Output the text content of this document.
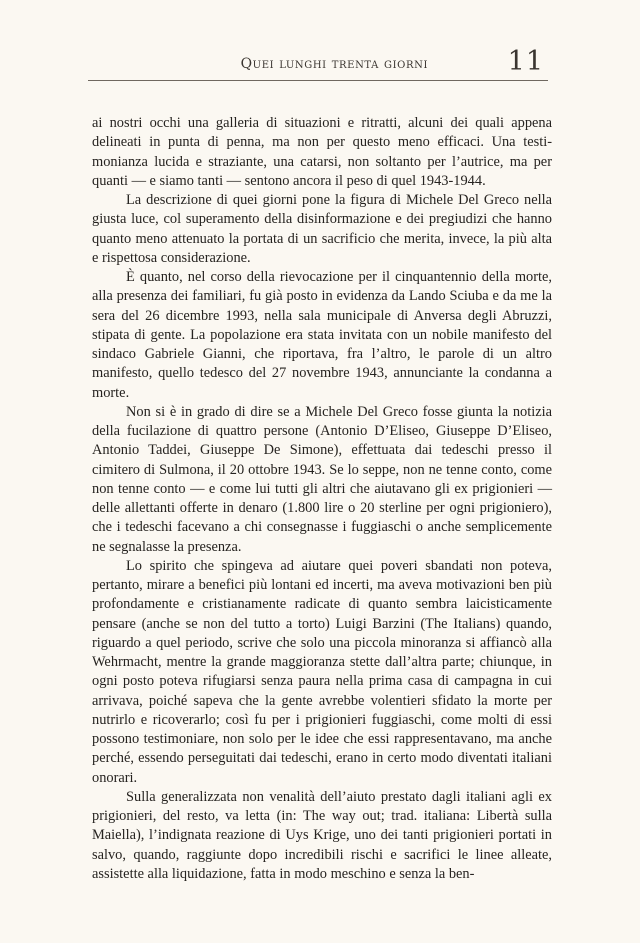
Quei lunghi trenta giorni	11

ai nostri occhi una galleria di situazioni e ritratti, alcuni dei quali appena delineati in punta di penna, ma non per questo meno efficaci. Una testimonianza lucida e straziante, una catarsi, non soltanto per l’autrice, ma per quanti — e siamo tanti — sentono ancora il peso di quel 1943-1944.

La descrizione di quei giorni pone la figura di Michele Del Greco nella giusta luce, col superamento della disinformazione e dei pregiudizi che hanno quanto meno attenuato la portata di un sacrificio che merita, invece, la più alta e rispettosa considerazione.

È quanto, nel corso della rievocazione per il cinquantennio della morte, alla presenza dei familiari, fu già posto in evidenza da Lando Sciuba e da me la sera del 26 dicembre 1993, nella sala municipale di Anversa degli Abruzzi, stipata di gente. La popolazione era stata invitata con un nobile manifesto del sindaco Gabriele Gianni, che riportava, fra l’altro, le parole di un altro manifesto, quello tedesco del 27 novembre 1943, annunciante la condanna a morte.

Non si è in grado di dire se a Michele Del Greco fosse giunta la notizia della fucilazione di quattro persone (Antonio D’Eliseo, Giuseppe D’Eliseo, Antonio Taddei, Giuseppe De Simone), effettuata dai tedeschi presso il cimitero di Sulmona, il 20 ottobre 1943. Se lo seppe, non ne tenne conto, come non tenne conto — e come lui tutti gli altri che aiutavano gli ex prigionieri — delle allettanti offerte in denaro (1.800 lire o 20 sterline per ogni prigioniero), che i tedeschi facevano a chi consegnasse i fuggiaschi o anche semplicemente ne segnalasse la presenza.

Lo spirito che spingeva ad aiutare quei poveri sbandati non poteva, pertanto, mirare a benefici più lontani ed incerti, ma aveva motivazioni ben più profondamente e cristianamente radicate di quanto sembra laicisticamente pensare (anche se non del tutto a torto) Luigi Barzini (The Italians) quando, riguardo a quel periodo, scrive che solo una piccola minoranza si affiancò alla Wehrmacht, mentre la grande maggioranza stette dall’altra parte; chiunque, in ogni posto poteva rifugiarsi senza paura nella prima casa di campagna in cui arrivava, poiché sapeva che la gente avrebbe volentieri sfidato la morte per nutrirlo e ricoverarlo; così fu per i prigionieri fuggiaschi, come molti di essi possono testimoniare, non solo per le idee che essi rappresentavano, ma anche perché, essendo perseguitati dai tedeschi, erano in certo modo diventati italiani onorari.

Sulla generalizzata non venalità dell’aiuto prestato dagli italiani agli ex prigionieri, del resto, va letta (in: The way out; trad. italiana: Libertà sulla Maiella), l’indignata reazione di Uys Krige, uno dei tanti prigionieri portati in salvo, quando, raggiunte dopo incredibili rischi e sacrifici le linee alleate, assistette alla liquidazione, fatta in modo meschino e senza la ben-
